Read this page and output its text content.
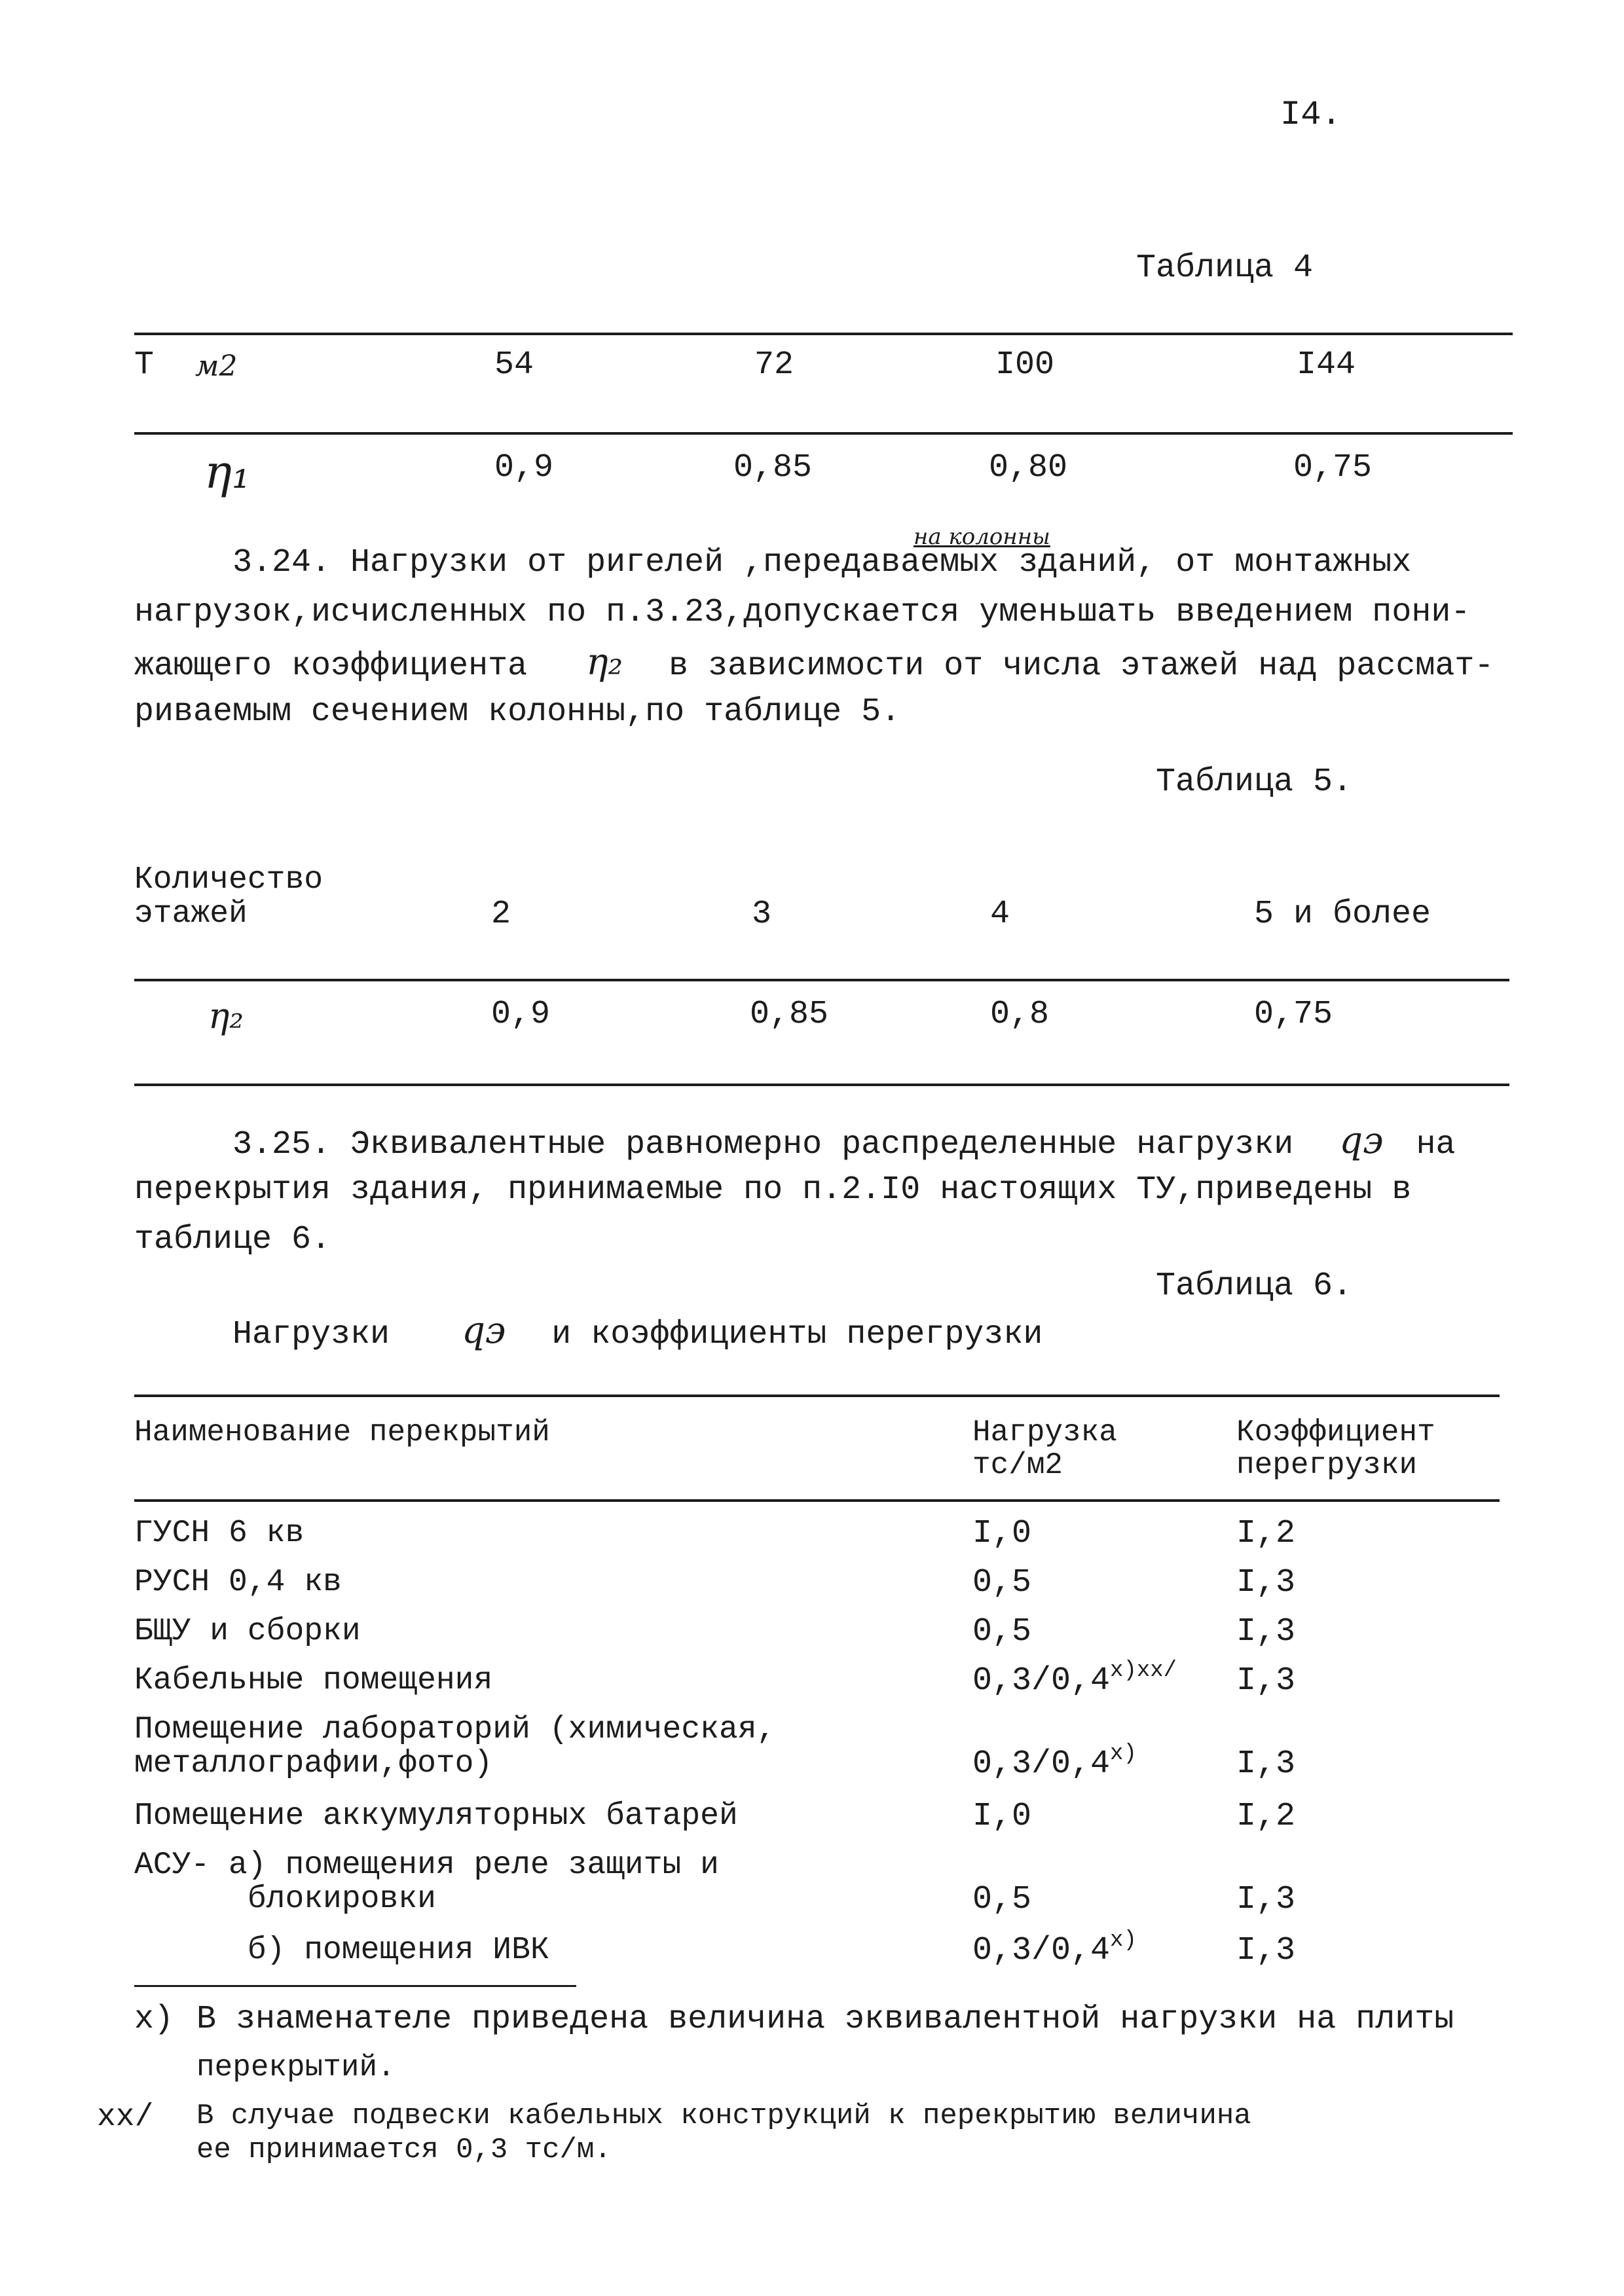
I4.
Таблица 4
Т м2	54	72	I00	I44
η₁	0,9	0,85	0,80	0,75
на колонны
3.24. Нагрузки от ригелей ,передаваемых зданий, от монтажных
нагрузок,исчисленных по п.3.23,допускается уменьшать введением пони-
жающего коэффициента η₂ в зависимости от числа этажей над рассмат-
риваемым сечением колонны,по таблице 5.
Таблица 5.
Количество
этажей	2	3	4	5 и более
η₂	0,9	0,85	0,8	0,75
3.25. Эквивалентные равномерно распределенные нагрузки qэ на
перекрытия здания, принимаемые по п.2.I0 настоящих ТУ,приведены в
таблице 6.
Таблица 6.
Нагрузки qэ и коэффициенты перегрузки
Наименование перекрытий	Нагрузка
тс/м2
Коэффициент
перегрузки
ГУСН 6 кв	I,0	I,2
РУСН 0,4 кв	0,5	I,3
БЩУ и сборки	0,5	I,3
Кабельные помещения	$0,3/0,4^{x)xx/}$ I,3
Помещение лабораторий (химическая,
металлографии,фото)	0,3/0,4$^{x)}$	I,3
Помещение аккумуляторных батарей	I,0	I,2
АСУ- а) помещения реле защиты и
блокировки	0,5	I,3
б) помещения ИВК	0,3/0,4$^{x)}$	I,3
x) В знаменателе приведена величина эквивалентной нагрузки на плиты
перекрытий.
xx/ В случае подвески кабельных конструкций к перекрытию величина
ее принимается 0,3 тс/м.
